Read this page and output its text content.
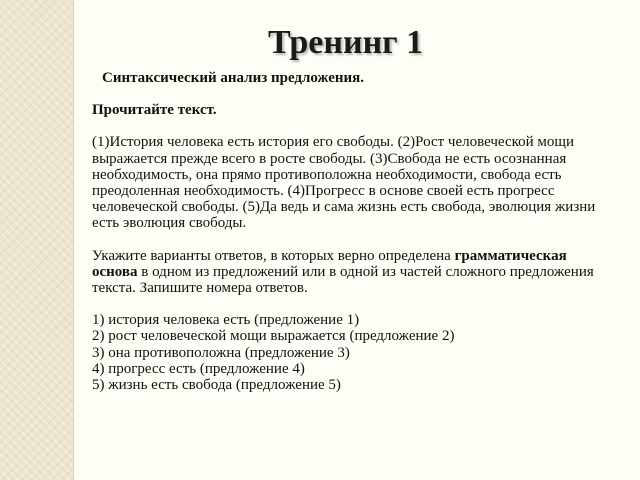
Тренинг 1

Синтаксический анализ предложения.

Прочитайте текст.

(1)История человека есть история его свободы. (2)Рост человеческой мощи выражается прежде всего в росте свободы. (3)Свобода не есть осознанная необходимость, она прямо противоположна необходимости, свобода есть преодоленная необходимость. (4)Прогресс в основе своей есть прогресс человеческой свободы. (5)Да ведь и сама жизнь есть свобода, эволюция жизни есть эволюция свободы.

Укажите варианты ответов, в которых верно определена грамматическая основа в одном из предложений или в одной из частей сложного предложения текста. Запишите номера ответов.

1) история человека есть (предложение 1)
2) рост человеческой мощи выражается (предложение 2)
3) она противоположна (предложение 3)
4) прогресс есть (предложение 4)
5) жизнь есть свобода (предложение 5)
